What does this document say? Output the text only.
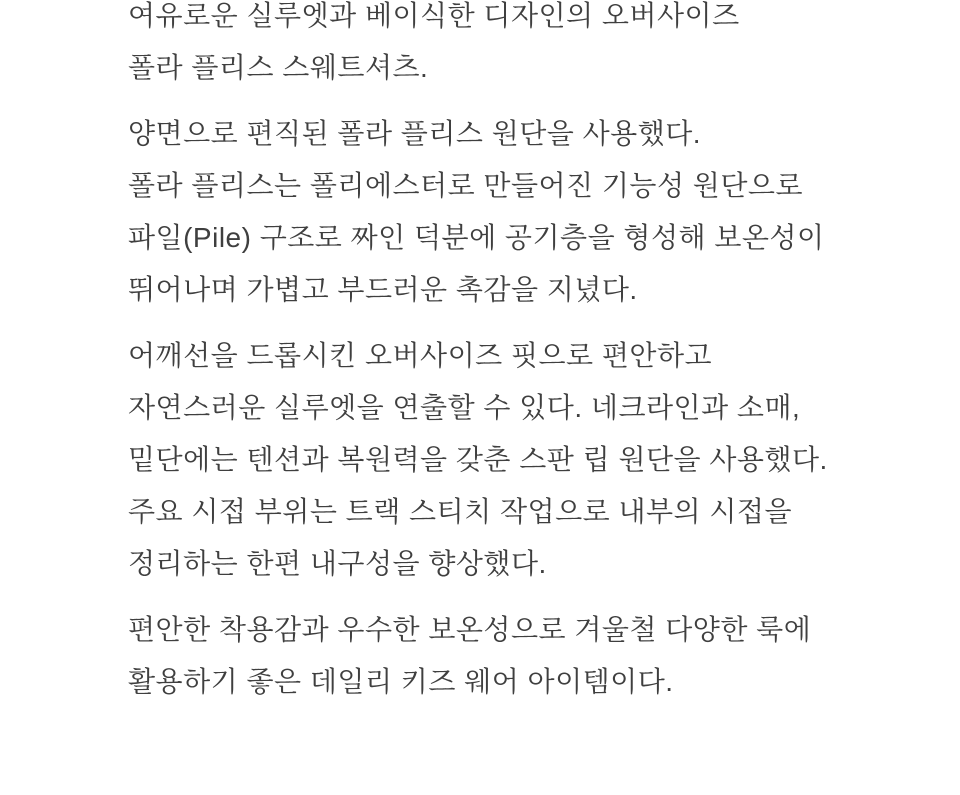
여유로운 실루엣과 베이식한 디자인의 오버사이즈
폴라 플리스 스웨트셔츠.

양면으로 편직된 폴라 플리스 원단을 사용했다.
폴라 플리스는 폴리에스터로 만들어진 기능성 원단으로
파일(Pile) 구조로 짜인 덕분에 공기층을 형성해 보온성이
뛰어나며 가볍고 부드러운 촉감을 지녔다.

어깨선을 드롭시킨 오버사이즈 핏으로 편안하고
자연스러운 실루엣을 연출할 수 있다. 네크라인과 소매,
밑단에는 텐션과 복원력을 갖춘 스판 립 원단을 사용했다.
주요 시접 부위는 트랙 스티치 작업으로 내부의 시접을
정리하는 한편 내구성을 향상했다.

편안한 착용감과 우수한 보온성으로 겨울철 다양한 룩에
활용하기 좋은 데일리 키즈 웨어 아이템이다.
